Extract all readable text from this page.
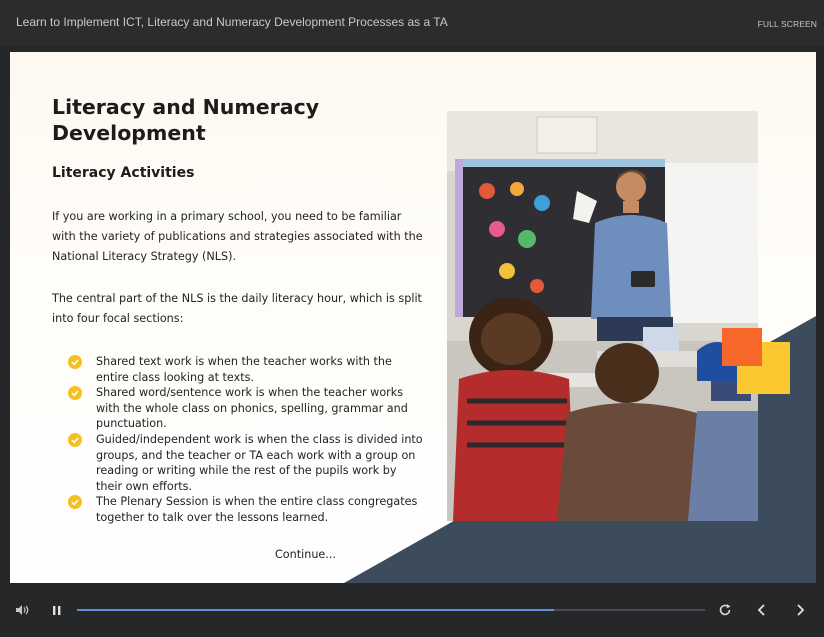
Learn to Implement ICT, Literacy and Numeracy Development Processes as a TA	FULL SCREEN
Literacy and Numeracy Development
Literacy Activities

If you are working in a primary school, you need to be familiar with the variety of publications and strategies associated with the National Literacy Strategy (NLS).

The central part of the NLS is the daily literacy hour, which is split into four focal sections:

Shared text work is when the teacher works with the entire class looking at texts.
Shared word/sentence work is when the teacher works with the whole class on phonics, spelling, grammar and punctuation.
Guided/independent work is when the class is divided into groups, and the teacher or TA each work with a group on reading or writing while the rest of the pupils work by their own efforts.
The Plenary Session is when the entire class congregates together to talk over the lessons learned.
Continue...
